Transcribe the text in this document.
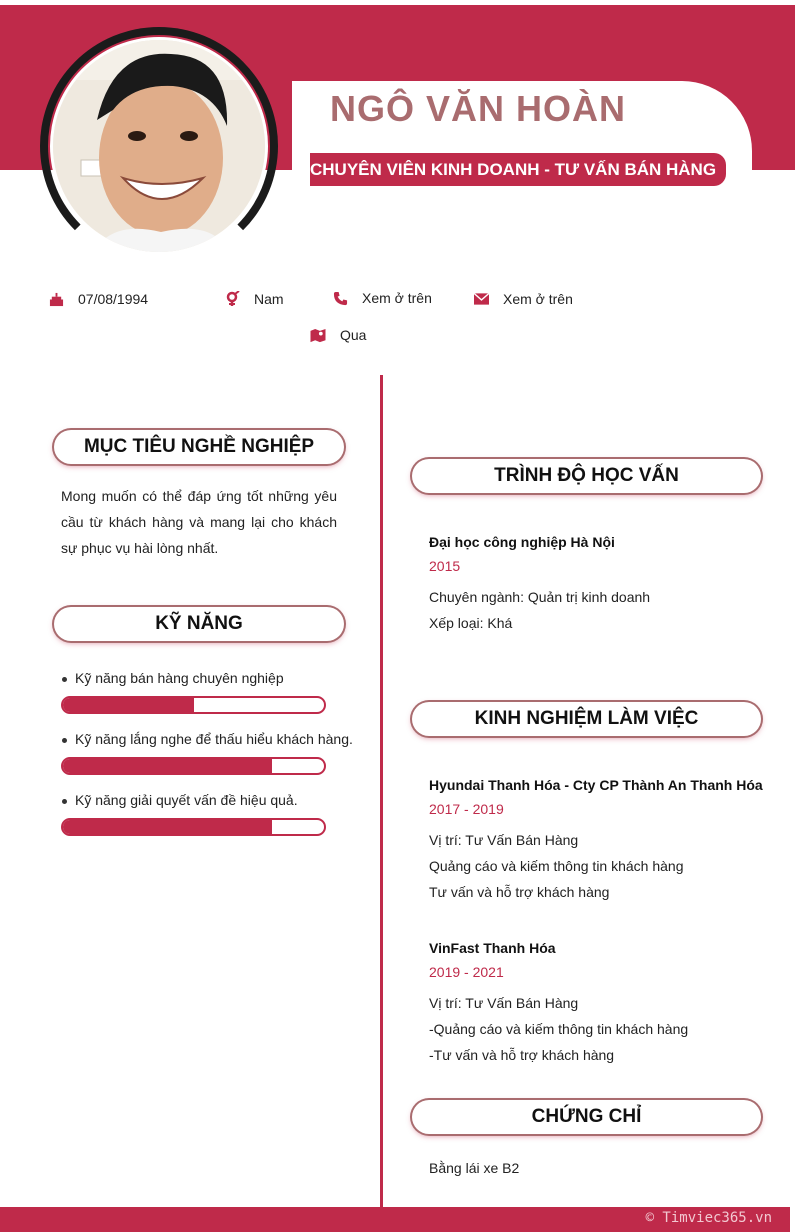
NGÔ VĂN HOÀN
CHUYÊN VIÊN KINH DOANH - TƯ VẤN BÁN HÀNG
07/08/1994	Nam	Xem ở trên	Xem ở trên
Qua
MỤC TIÊU NGHỀ NGHIỆP
Mong muốn có thể đáp ứng tốt những yêu cầu từ khách hàng và mang lại cho khách sự phục vụ hài lòng nhất.
KỸ NĂNG
Kỹ năng bán hàng chuyên nghiệp
Kỹ năng lắng nghe để thấu hiểu khách hàng.
Kỹ năng giải quyết vấn đề hiệu quả.
TRÌNH ĐỘ HỌC VẤN
Đại học công nghiệp Hà Nội
2015
Chuyên ngành: Quản trị kinh doanh
Xếp loại: Khá
KINH NGHIỆM LÀM VIỆC
Hyundai Thanh Hóa - Cty CP Thành An Thanh Hóa
2017 - 2019
Vị trí: Tư Vấn Bán Hàng
Quảng cáo và kiếm thông tin khách hàng
Tư vấn và hỗ trợ khách hàng
VinFast Thanh Hóa
2019 - 2021
Vị trí: Tư Vấn Bán Hàng
-Quảng cáo và kiếm thông tin khách hàng
-Tư vấn và hỗ trợ khách hàng
CHỨNG CHỈ
Bằng lái xe B2
© Timviec365.vn
